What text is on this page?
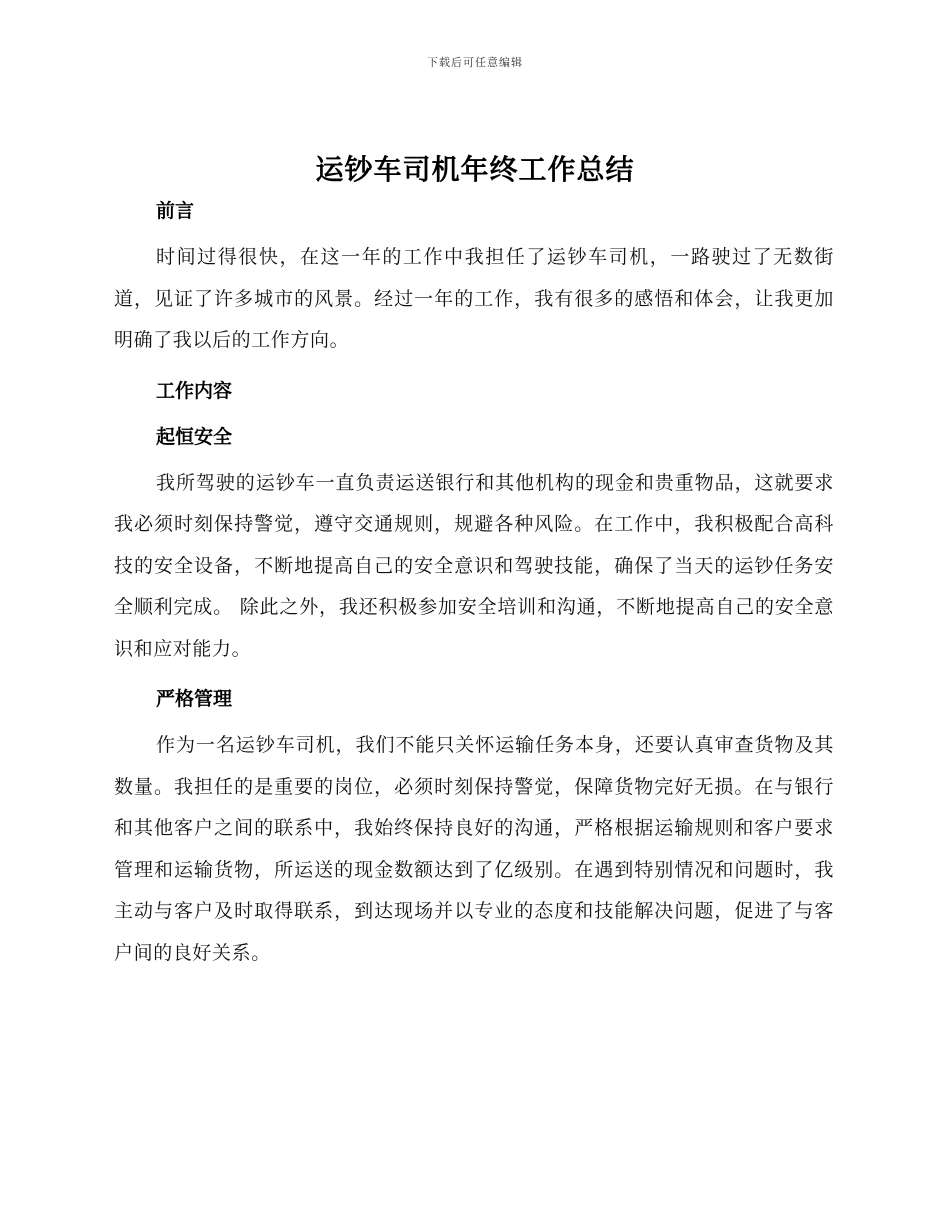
下载后可任意编辑
运钞车司机年终工作总结

前言

时间过得很快，在这一年的工作中我担任了运钞车司机，一路驶过了无数街道，见证了许多城市的风景。经过一年的工作，我有很多的感悟和体会，让我更加明确了我以后的工作方向。

工作内容

起恒安全

我所驾驶的运钞车一直负责运送银行和其他机构的现金和贵重物品，这就要求我必须时刻保持警觉，遵守交通规则，规避各种风险。在工作中，我积极配合高科技的安全设备，不断地提高自己的安全意识和驾驶技能，确保了当天的运钞任务安全顺利完成。 除此之外，我还积极参加安全培训和沟通，不断地提高自己的安全意识和应对能力。

严格管理

作为一名运钞车司机，我们不能只关怀运输任务本身，还要认真审查货物及其数量。我担任的是重要的岗位，必须时刻保持警觉，保障货物完好无损。在与银行和其他客户之间的联系中，我始终保持良好的沟通，严格根据运输规则和客户要求管理和运输货物，所运送的现金数额达到了亿级别。在遇到特别情况和问题时，我主动与客户及时取得联系，到达现场并以专业的态度和技能解决问题，促进了与客户间的良好关系。
